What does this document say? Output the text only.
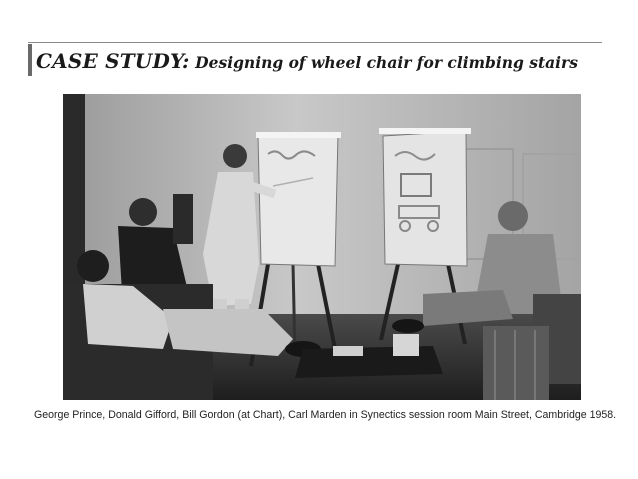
CASE STUDY: Designing of wheel chair for climbing stairs
George Prince, Donald Gifford, Bill Gordon (at Chart), Carl Marden in Synectics session room Main Street, Cambridge 1958.
